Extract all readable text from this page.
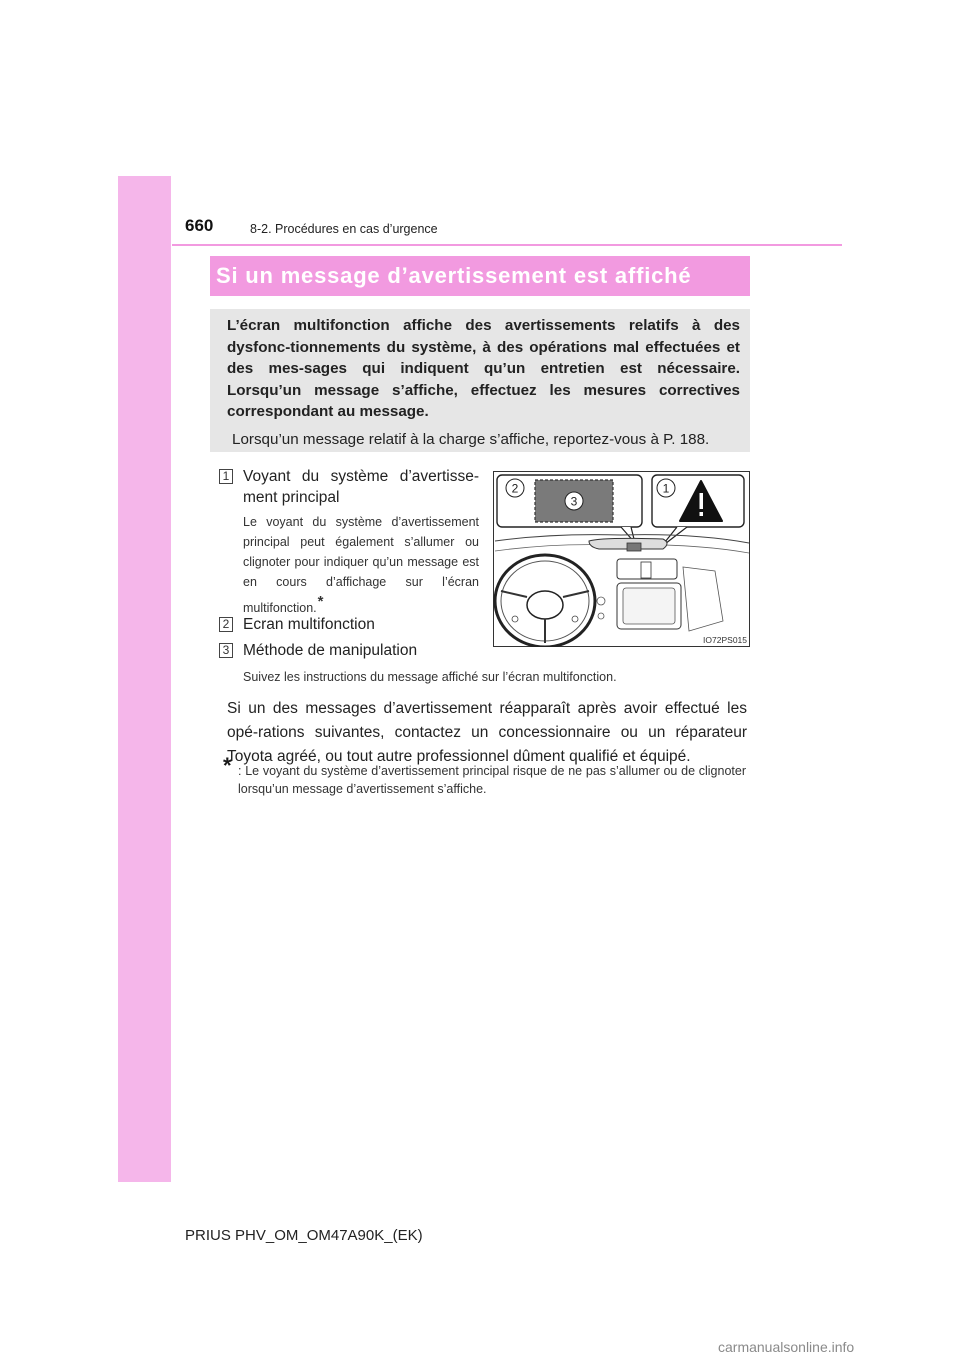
660	8-2. Procédures en cas d’urgence
Si un message d’avertissement est affiché

L’écran multifonction affiche des avertissements relatifs à des dysfonc-tionnements du système, à des opérations mal effectuées et des mes-sages qui indiquent qu’un entretien est nécessaire. Lorsqu’un message s’affiche, effectuez les mesures correctives correspondant au message.

Lorsqu’un message relatif à la charge s’affiche, reportez-vous à P. 188.

1 Voyant du système d’avertisse-ment principal
Le voyant du système d’avertissement principal peut également s’allumer ou clignoter pour indiquer qu’un message est en cours d’affichage sur l’écran multifonction.*
2 Ecran multifonction
3 Méthode de manipulation
Suivez les instructions du message affiché sur l’écran multifonction.
2
3
1
IO72PS015

Si un des messages d’avertissement réapparaît après avoir effectué les opé-rations suivantes, contactez un concessionnaire ou un réparateur Toyota agréé, ou tout autre professionnel dûment qualifié et équipé.

* : Le voyant du système d’avertissement principal risque de ne pas s’allumer ou de clignoter lorsqu’un message d’avertissement s’affiche.

PRIUS PHV_OM_OM47A90K_(EK)
carmanualsonline.info
